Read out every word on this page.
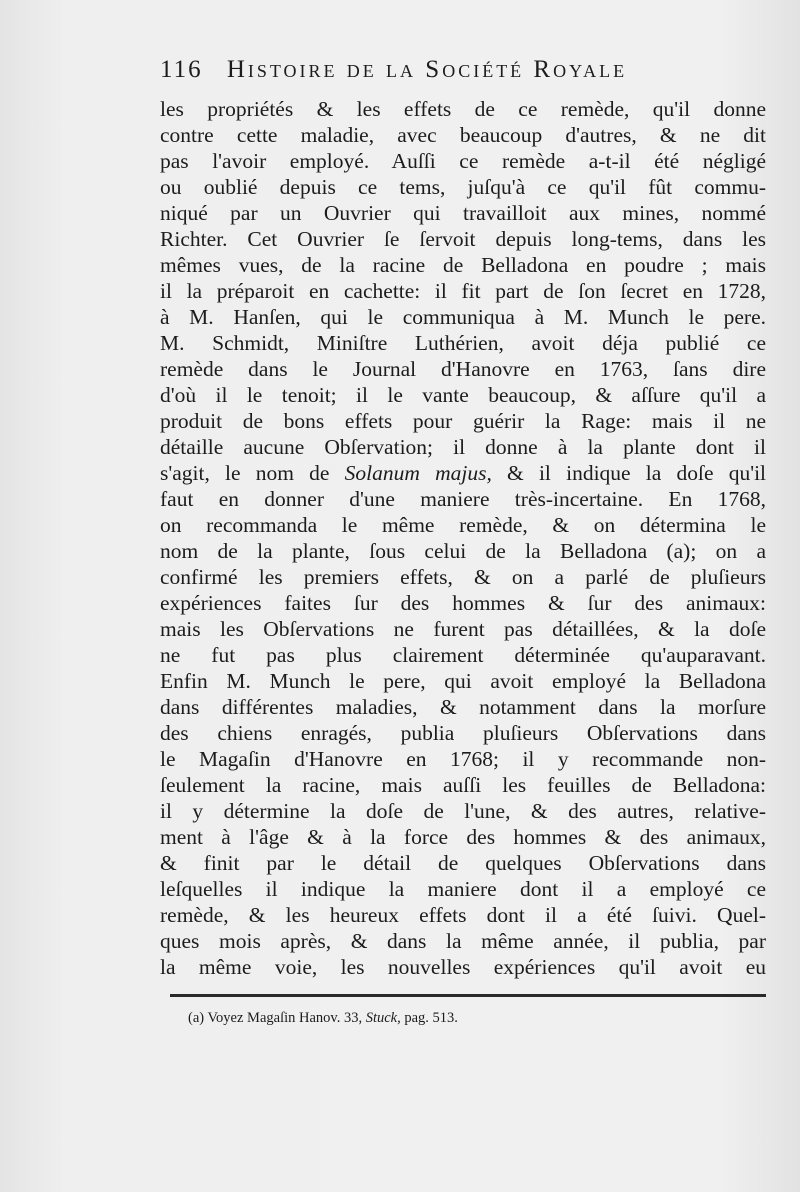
116 Histoire de la Société Royale
les propriétés & les effets de ce remède, qu'il donne
contre cette maladie, avec beaucoup d'autres, & ne dit
pas l'avoir employé. Auſſi ce remède a-t-il été négligé
ou oublié depuis ce tems, juſqu'à ce qu'il fût commu-
niqué par un Ouvrier qui travailloit aux mines, nommé
Richter. Cet Ouvrier ſe ſervoit depuis long-tems, dans les
mêmes vues, de la racine de Belladona en poudre ; mais
il la préparoit en cachette: il fit part de ſon ſecret en 1728,
à M. Hanſen, qui le communiqua à M. Munch le pere.
M. Schmidt, Miniſtre Luthérien, avoit déja publié ce
remède dans le Journal d'Hanovre en 1763, ſans dire
d'où il le tenoit; il le vante beaucoup, & aſſure qu'il a
produit de bons effets pour guérir la Rage: mais il ne
détaille aucune Obſervation; il donne à la plante dont il
s'agit, le nom de Solanum majus, & il indique la doſe qu'il
faut en donner d'une maniere très-incertaine. En 1768,
on recommanda le même remède, & on détermina le
nom de la plante, ſous celui de la Belladona (a); on a
confirmé les premiers effets, & on a parlé de pluſieurs
expériences faites ſur des hommes & ſur des animaux:
mais les Obſervations ne furent pas détaillées, & la doſe
ne fut pas plus clairement déterminée qu'auparavant.
Enfin M. Munch le pere, qui avoit employé la Belladona
dans différentes maladies, & notamment dans la morſure
des chiens enragés, publia pluſieurs Obſervations dans
le Magaſin d'Hanovre en 1768; il y recommande non-
ſeulement la racine, mais auſſi les feuilles de Belladona:
il y détermine la doſe de l'une, & des autres, relative-
ment à l'âge & à la force des hommes & des animaux,
& finit par le détail de quelques Obſervations dans
leſquelles il indique la maniere dont il a employé ce
remède, & les heureux effets dont il a été ſuivi. Quel-
ques mois après, & dans la même année, il publia, par
la même voie, les nouvelles expériences qu'il avoit eu
(a) Voyez Magaſin Hanov. 33, Stuck, pag. 513.
